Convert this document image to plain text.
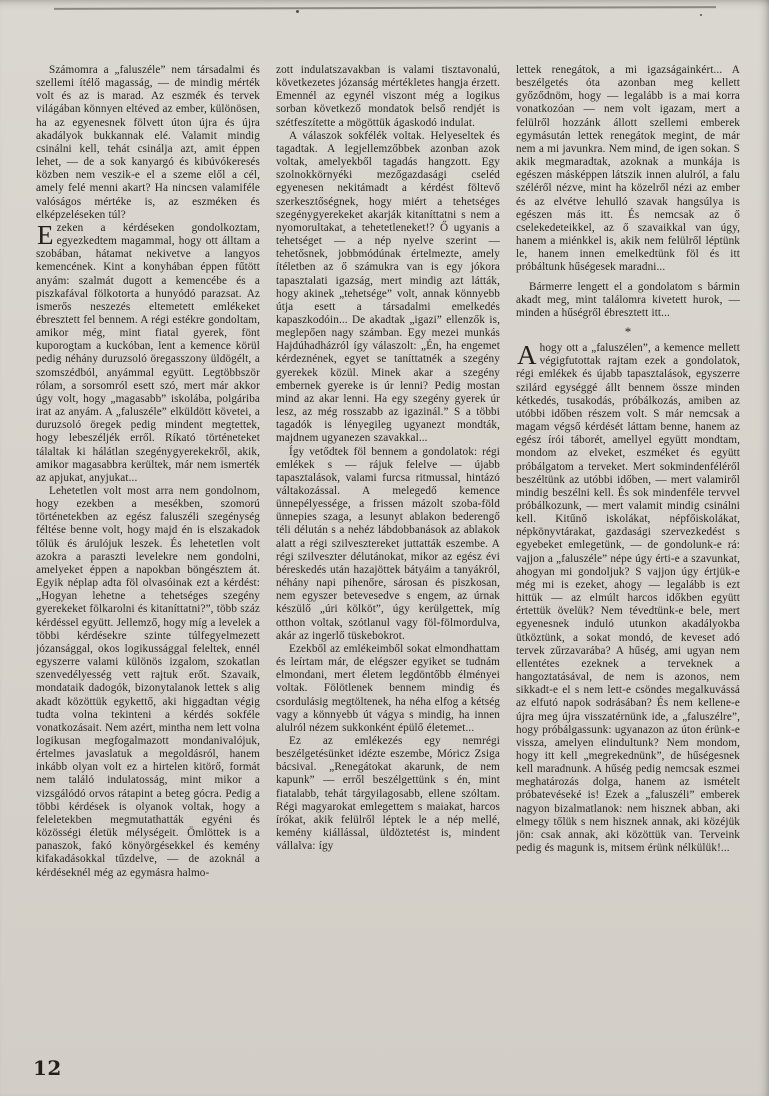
Számomra a „faluszéle” nem társadalmi és szellemi ítélő magasság, — de mindig mérték volt és az is marad. Az eszmék és tervek világában könnyen eltéved az ember, különösen, ha az egyenesnek fölvett úton újra és újra akadályok bukkannak elé. Valamit mindig csinálni kell, tehát csinálja azt, amit éppen lehet, — de a sok kanyargó és kibúvókeresés közben nem veszik-e el a szeme elől a cél, amely felé menni akart? Ha nincsen valamiféle valóságos mértéke is, az eszméken és elképzeléseken túl?

Ezeken a kérdéseken gondolkoztam, egyezkedtem magammal, hogy ott álltam a szobában, hátamat nekivetve a langyos kemencének. Kint a konyhában éppen fűtött anyám: szalmát dugott a kemencébe és a piszkafával fölkotorta a hunyódó parazsat. Az ismerős neszezés eltemetett emlékeket ébresztett fel bennem. A régi estékre gondoltam, amikor még, mint fiatal gyerek, fönt kuporogtam a kuckóban, lent a kemence körül pedig néhány duruzsoló öregasszony üldögélt, a szomszédból, anyámmal együtt. Legtöbbször rólam, a sorsomról esett szó, mert már akkor úgy volt, hogy „magasabb” iskolába, polgáriba irat az anyám. A „faluszéle” elküldött követei, a duruzsoló öregek pedig mindent megtettek, hogy lebeszéljék erről. Ríkató történeteket tálaltak ki hálátlan szegénygyerekekről, akik, amikor magasabbra kerültek, már nem ismerték az apjukat, anyjukat...

Lehetetlen volt most arra nem gondolnom, hogy ezekben a mesékben, szomorú történetekben az egész faluszéli szegénység féltése benne volt, hogy majd én is elszakadok tőlük és árulójuk leszek. És lehetetlen volt azokra a paraszti levelekre nem gondolni, amelyeket éppen a napokban böngésztem át. Egyik néplap adta föl olvasóinak ezt a kérdést: „Hogyan lehetne a tehetséges szegény gyerekeket fölkarolni és kitaníttatni?”, több száz kérdéssel együtt. Jellemző, hogy míg a levelek a többi kérdésekre szinte túlfegyelmezett józansággal, okos logikussággal feleltek, ennél egyszerre valami különös izgalom, szokatlan szenvedélyesség vett rajtuk erőt. Szavaik, mondataik dadogók, bizonytalanok lettek s alig akadt közöttük egykettő, aki higgadtan végig tudta volna tekinteni a kérdés sokféle vonatkozásait. Nem azért, mintha nem lett volna logikusan megfogalmazott mondanivalójuk, értelmes javaslatuk a megoldásról, hanem inkább olyan volt ez a hirtelen kitörő, formát nem találó indulatosság, mint mikor a vizsgálódó orvos rátapint a beteg gócra. Pedig a többi kérdések is olyanok voltak, hogy a feleletekben megmutathatták egyéni és közösségi életük mélységeit. Ömlöttek is a panaszok, fakó könyörgésekkel és kemény kifakadásokkal tűzdelve, — de azoknál a kérdéseknél még az egymásra halmo-

zott indulatszavakban is valami tisztavonalú, következetes józanság mértékletes hangja érzett. Emennél az egynél viszont még a logikus sorban következő mondatok belső rendjét is szétfeszítette a mögöttük ágaskodó indulat.

A válaszok sokfélék voltak. Helyeseltek és tagadtak. A legjellemzőbbek azonban azok voltak, amelyekből tagadás hangzott. Egy szolnokkörnyéki mezőgazdasági cseléd egyenesen nekitámadt a kérdést föltevő szerkesztőségnek, hogy miért a tehetséges szegénygyerekeket akarják kitaníttatni s nem a nyomorultakat, a tehetetleneket!? Ő ugyanis a tehetséget — a nép nyelve szerint — tehetősnek, jobbmódúnak értelmezte, amely ítéletben az ő számukra van is egy jókora tapasztalati igazság, mert mindig azt látták, hogy akinek „tehetsége” volt, annak könnyebb útja esett a társadalmi emelkedés kapaszkodóin... De akadtak „igazi” ellenzők is, meglepően nagy számban. Egy mezei munkás Hajdúhadházról így válaszolt: „Én, ha engemet kérdeznének, egyet se taníttatnék a szegény gyerekek közül. Minek akar a szegény embernek gyereke is úr lenni? Pedig mostan mind az akar lenni. Ha egy szegény gyerek úr lesz, az még rosszabb az igazinál.” S a többi tagadók is lényegileg ugyanezt mondták, majdnem ugyanezen szavakkal...

Így vetődtek föl bennem a gondolatok: régi emlékek s — rájuk felelve — újabb tapasztalások, valami furcsa ritmussal, hintázó váltakozással. A melegedő kemence ünnepélyessége, a frissen mázolt szoba-föld ünnepies szaga, a lesunyt ablakon bederengő téli délután s a nehéz lábdobbanások az ablakok alatt a régi szilvesztereket juttatták eszembe. A régi szilveszter délutánokat, mikor az egész évi béreskedés után hazajöttek bátyáim a tanyákról, néhány napi pihenőre, sárosan és piszkosan, nem egyszer betevesedve s engem, az úrnak készülő „úri kölköt”, úgy kerülgettek, míg otthon voltak, szótlanul vagy föl-fölmordulva, akár az ingerlő tüskebokrot.

Ezekből az emlékeimből sokat elmondhattam és leírtam már, de elégszer egyiket se tudnám elmondani, mert életem legdöntőbb élményei voltak. Fölötlenek bennem mindig és csordulásig megtöltenek, ha néha elfog a kétség vagy a könnyebb út vágya s mindig, ha innen alulról nézem sukkonként épülő életemet...

Ez az emlékezés egy nemrégi beszélgetésünket idézte eszembe, Móricz Zsiga bácsival. „Renegátokat akarunk, de nem kapunk” — erről beszélgettünk s én, mint fiatalabb, tehát tárgyilagosabb, ellene szóltam. Régi magyarokat emlegettem s maiakat, harcos írókat, akik felülről léptek le a nép mellé, kemény kiállással, üldöztetést is, mindent vállalva: így

lettek renegátok, a mi igazságainkért... A beszélgetés óta azonban meg kellett győződnöm, hogy — legalább is a mai korra vonatkozóan — nem volt igazam, mert a felülről hozzánk állott szellemi emberek egymásután lettek renegátok megint, de már nem a mi javunkra. Nem mind, de igen sokan. S akik megmaradtak, azoknak a munkája is egészen másképpen látszik innen alulról, a falu széléről nézve, mint ha közelről nézi az ember és az elvétve lehulló szavak hangsúlya is egészen más itt. És nemcsak az ő cselekedeteikkel, az ő szavaikkal van úgy, hanem a miénkkel is, akik nem felülről léptünk le, hanem innen emelkedtünk föl és itt próbáltunk hűségesek maradni...

Bármerre lengett el a gondolatom s bármin akadt meg, mint találomra kivetett hurok, — minden a hűségről ébresztett itt...

*

Ahogy ott a „faluszélen”, a kemence mellett végigfutottak rajtam ezek a gondolatok, régi emlékek és újabb tapasztalások, egyszerre szilárd egységgé állt bennem össze minden kétkedés, tusakodás, próbálkozás, amiben az utóbbi időben részem volt. S már nemcsak a magam végső kérdését láttam benne, hanem az egész írói táborét, amellyel együtt mondtam, mondom az elveket, eszméket és együtt próbálgatom a terveket. Mert sokmindenféléről beszéltünk az utóbbi időben, — mert valamiről mindig beszélni kell. És sok mindenféle tervvel próbálkozunk, — mert valamit mindig csinálni kell. Kitűnő iskolákat, népfőiskolákat, népkönyvtárakat, gazdasági szervezkedést s egyebeket emlegetünk, — de gondolunk-e rá: vajjon a „faluszéle” népe úgy érti-e a szavunkat, ahogyan mi gondoljuk? S vajjon úgy értjük-e még mi is ezeket, ahogy — legalább is ezt hittük — az elmúlt harcos időkben együtt értettük övelük? Nem tévedtünk-e bele, mert egyenesnek induló utunkon akadályokba ütköztünk, a sokat mondó, de keveset adó tervek zűrzavarába? A hűség, ami ugyan nem ellentétes ezeknek a terveknek a hangoztatásával, de nem is azonos, nem sikkadt-e el s nem lett-e csöndes megalkuvássá az elfutó napok sodrásában? És nem kellene-e újra meg újra visszatérnünk ide, a „faluszélre”, hogy próbálgassunk: ugyanazon az úton érünk-e vissza, amelyen elindultunk? Nem mondom, hogy itt kell „megrekednünk”, de hűségesnek kell maradnunk. A hűség pedig nemcsak eszmei meghatározás dolga, hanem az ismételt próbatevéseké is! Ezek a „faluszéli” emberek nagyon bizalmatlanok: nem hisznek abban, aki elmegy tőlük s nem hisznek annak, aki közéjük jön: csak annak, aki közöttük van. Terveink pedig és magunk is, mitsem érünk nélkülük!...

12
